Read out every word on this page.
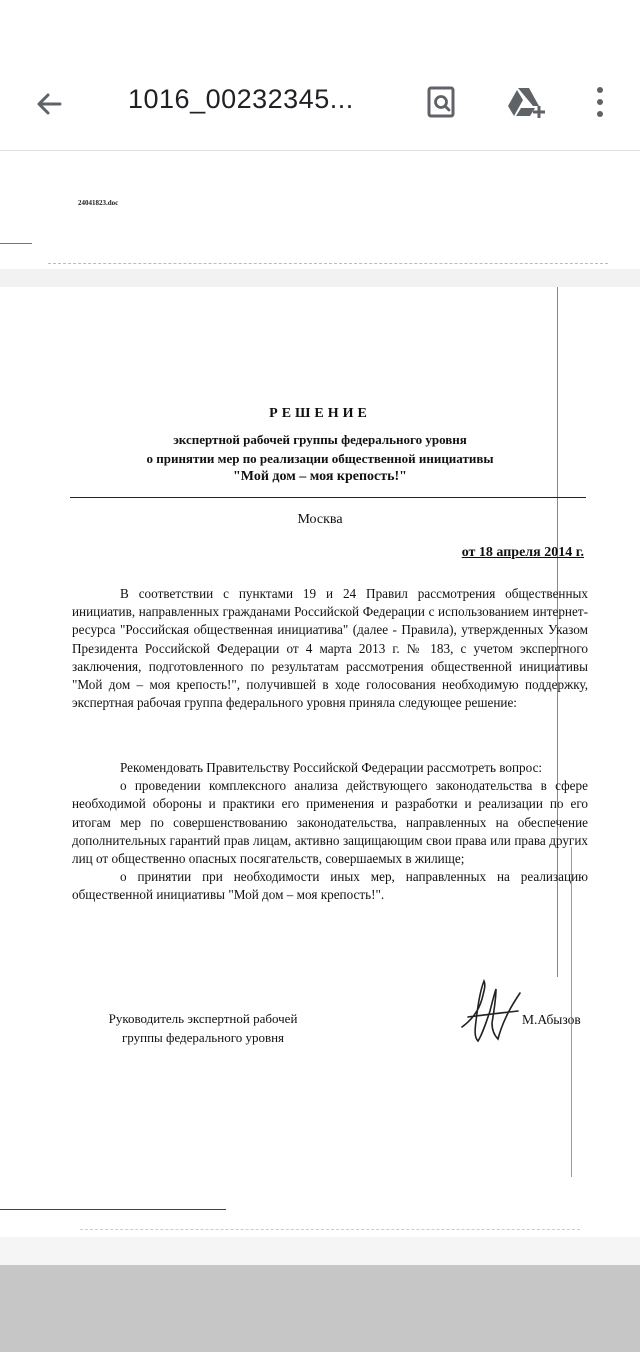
1016_00232345...
24041823.doc
РЕШЕНИЕ
экспертной рабочей группы федерального уровня
о принятии мер по реализации общественной инициативы
"Мой дом – моя крепость!"
Москва
от 18 апреля 2014 г.

В соответствии с пунктами 19 и 24 Правил рассмотрения общественных инициатив, направленных гражданами Российской Федерации с использованием интернет-ресурса "Российская общественная инициатива" (далее - Правила), утвержденных Указом Президента Российской Федерации от 4 марта 2013 г. № 183, с учетом экспертного заключения, подготовленного по результатам рассмотрения общественной инициативы "Мой дом – моя крепость!", получившей в ходе голосования необходимую поддержку, экспертная рабочая группа федерального уровня приняла следующее решение:

Рекомендовать Правительству Российской Федерации рассмотреть вопрос:

о проведении комплексного анализа действующего законодательства в сфере необходимой обороны и практики его применения и разработки и реализации по его итогам мер по совершенствованию законодательства, направленных на обеспечение дополнительных гарантий прав лицам, активно защищающим свои права или права других лиц от общественно опасных посягательств, совершаемых в жилище;

о принятии при необходимости иных мер, направленных на реализацию общественной инициативы "Мой дом – моя крепость!".

Руководитель экспертной рабочей
группы федерального уровня
М.Абызов
